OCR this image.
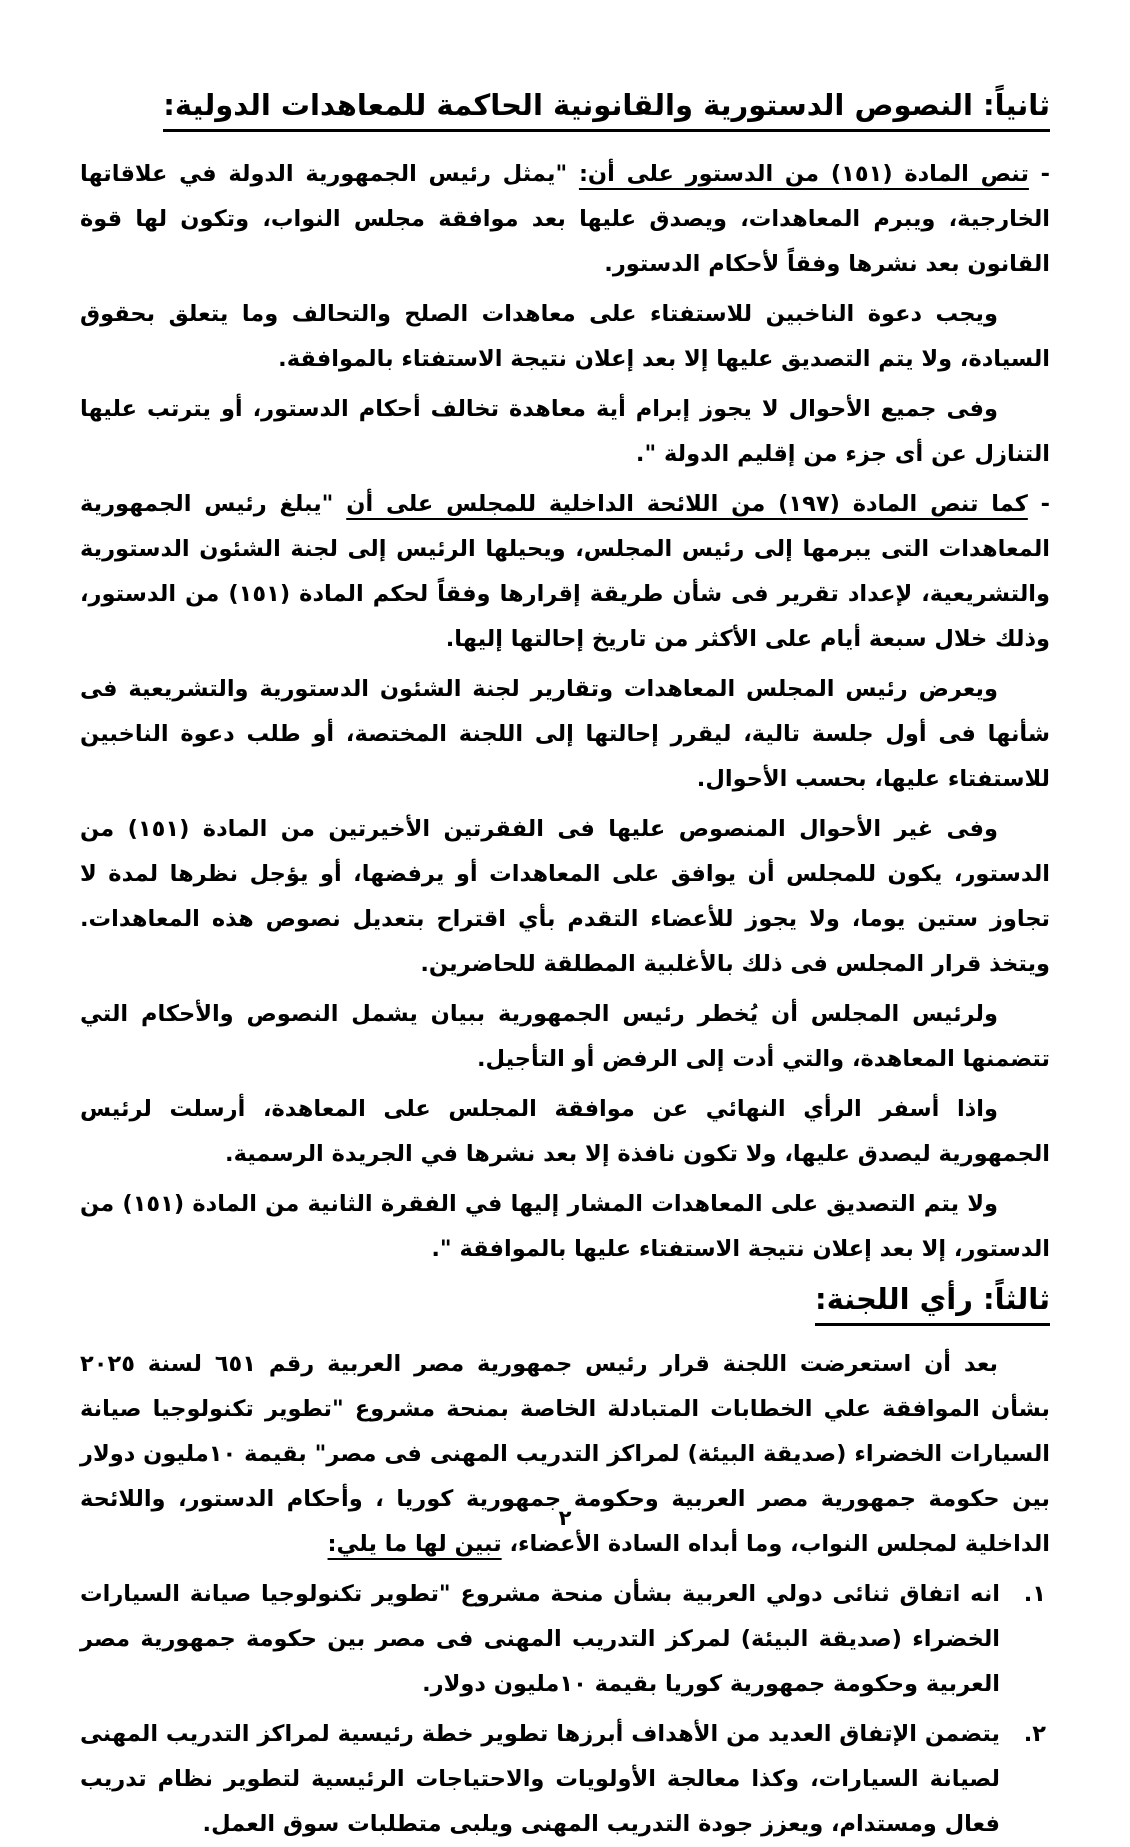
ثانياً: النصوص الدستورية والقانونية الحاكمة للمعاهدات الدولية:

- تنص المادة (١٥١) من الدستور على أن: "يمثل رئيس الجمهورية الدولة في علاقاتها الخارجية، ويبرم المعاهدات، ويصدق عليها بعد موافقة مجلس النواب، وتكون لها قوة القانون بعد نشرها وفقاً لأحكام الدستور.

ويجب دعوة الناخبين للاستفتاء على معاهدات الصلح والتحالف وما يتعلق بحقوق السيادة، ولا يتم التصديق عليها إلا بعد إعلان نتيجة الاستفتاء بالموافقة.

وفى جميع الأحوال لا يجوز إبرام أية معاهدة تخالف أحكام الدستور، أو يترتب عليها التنازل عن أى جزء من إقليم الدولة ".

- كما تنص المادة (١٩٧) من اللائحة الداخلية للمجلس على أن "يبلغ رئيس الجمهورية المعاهدات التى يبرمها إلى رئيس المجلس، ويحيلها الرئيس إلى لجنة الشئون الدستورية والتشريعية، لإعداد تقرير فى شأن طريقة إقرارها وفقاً لحكم المادة (١٥١) من الدستور، وذلك خلال سبعة أيام على الأكثر من تاريخ إحالتها إليها.

ويعرض رئيس المجلس المعاهدات وتقارير لجنة الشئون الدستورية والتشريعية فى شأنها فى أول جلسة تالية، ليقرر إحالتها إلى اللجنة المختصة، أو طلب دعوة الناخبين للاستفتاء عليها، بحسب الأحوال.

وفى غير الأحوال المنصوص عليها فى الفقرتين الأخيرتين من المادة (١٥١) من الدستور، يكون للمجلس أن يوافق على المعاهدات أو يرفضها، أو يؤجل نظرها لمدة لا تجاوز ستين يوما، ولا يجوز للأعضاء التقدم بأي اقتراح بتعديل نصوص هذه المعاهدات. ويتخذ قرار المجلس فى ذلك بالأغلبية المطلقة للحاضرين.

ولرئيس المجلس أن يُخطر رئيس الجمهورية ببيان يشمل النصوص والأحكام التي تتضمنها المعاهدة، والتي أدت إلى الرفض أو التأجيل.

واذا أسفر الرأي النهائي عن موافقة المجلس على المعاهدة، أرسلت لرئيس الجمهورية ليصدق عليها، ولا تكون نافذة إلا بعد نشرها في الجريدة الرسمية.

ولا يتم التصديق على المعاهدات المشار إليها في الفقرة الثانية من المادة (١٥١) من الدستور، إلا بعد إعلان نتيجة الاستفتاء عليها بالموافقة ".

ثالثاً: رأي اللجنة:

بعد أن استعرضت اللجنة قرار رئيس جمهورية مصر العربية رقم ٦٥١ لسنة ٢٠٢٥ بشأن الموافقة علي الخطابات المتبادلة الخاصة بمنحة مشروع "تطوير تكنولوجيا صيانة السيارات الخضراء (صديقة البيئة) لمراكز التدريب المهنى فى مصر" بقيمة ١٠مليون دولار بين حكومة جمهورية مصر العربية وحكومة جمهورية كوريا ، وأحكام الدستور، واللائحة الداخلية لمجلس النواب، وما أبداه السادة الأعضاء، تبين لها ما يلي:

١.
انه اتفاق ثنائى دولي العربية بشأن منحة مشروع "تطوير تكنولوجيا صيانة السيارات الخضراء (صديقة البيئة) لمركز التدريب المهنى فى مصر بين حكومة جمهورية مصر العربية وحكومة جمهورية كوريا بقيمة ١٠مليون دولار.
٢.
يتضمن الإتفاق العديد من الأهداف أبرزها تطوير خطة رئيسية لمراكز التدريب المهنى لصيانة السيارات، وكذا معالجة الأولويات والاحتياجات الرئيسية لتطوير نظام تدريب فعال ومستدام، ويعزز جودة التدريب المهنى ويلبى متطلبات سوق العمل.
٢
